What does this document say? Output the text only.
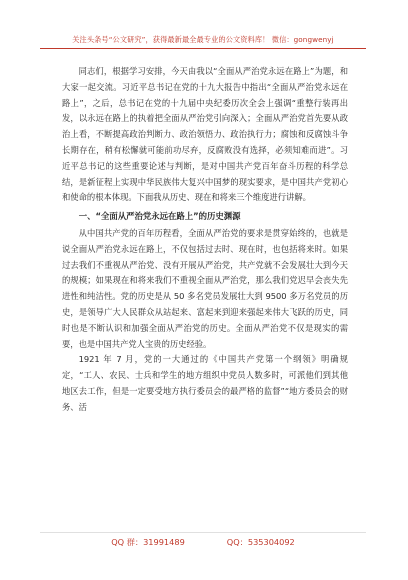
关注头条号“公文研究”，获得最新最全最专业的公文资料库！ 微信：gongwenyj

同志们，根据学习安排，今天由我以“全面从严治党永远在路上”为题，和大家一起交流。习近平总书记在党的十九大报告中指出“全面从严治党永远在路上”，之后，总书记在党的十九届中央纪委历次全会上强调“重整行装再出发，以永远在路上的执着把全面从严治党引向深入；全面从严治党首先要从政治上看，不断提高政治判断力、政治领悟力、政治执行力；腐蚀和反腐蚀斗争长期存在，稍有松懈就可能前功尽弃，反腐败没有选择，必须知难而进”。习近平总书记的这些重要论述与判断，是对中国共产党百年奋斗历程的科学总结，是新征程上实现中华民族伟大复兴中国梦的现实要求，是中国共产党初心和使命的根本体现。下面我从历史、现在和将来三个维度进行讲解。

一、“全面从严治党永远在路上”的历史渊源

从中国共产党的百年历程看，全面从严治党的要求是贯穿始终的，也就是说全面从严治党永远在路上，不仅包括过去时、现在时，也包括将来时。如果过去我们不重视从严治党、没有开展从严治党，共产党就不会发展壮大到今天的规模；如果现在和将来我们不重视全面从严治党，那么我们党迟早会丧失先进性和纯洁性。党的历史是从 50 多名党员发展壮大到 9500 多万名党员的历史，是领导广大人民群众从站起来、富起来到迎来强起来伟大飞跃的历史，同时也是不断认识和加强全面从严治党的历史。全面从严治党不仅是现实的需要，也是中国共产党人宝贵的历史经验。

1921 年 7 月，党的一大通过的《中国共产党第一个纲领》明确规定，“工人、农民、士兵和学生的地方组织中党员人数多时，可派他们到其他地区去工作，但是一定要受地方执行委员会的最严格的监督”“地方委员会的财务、活

QQ 群：31991489	QQ：535304092
